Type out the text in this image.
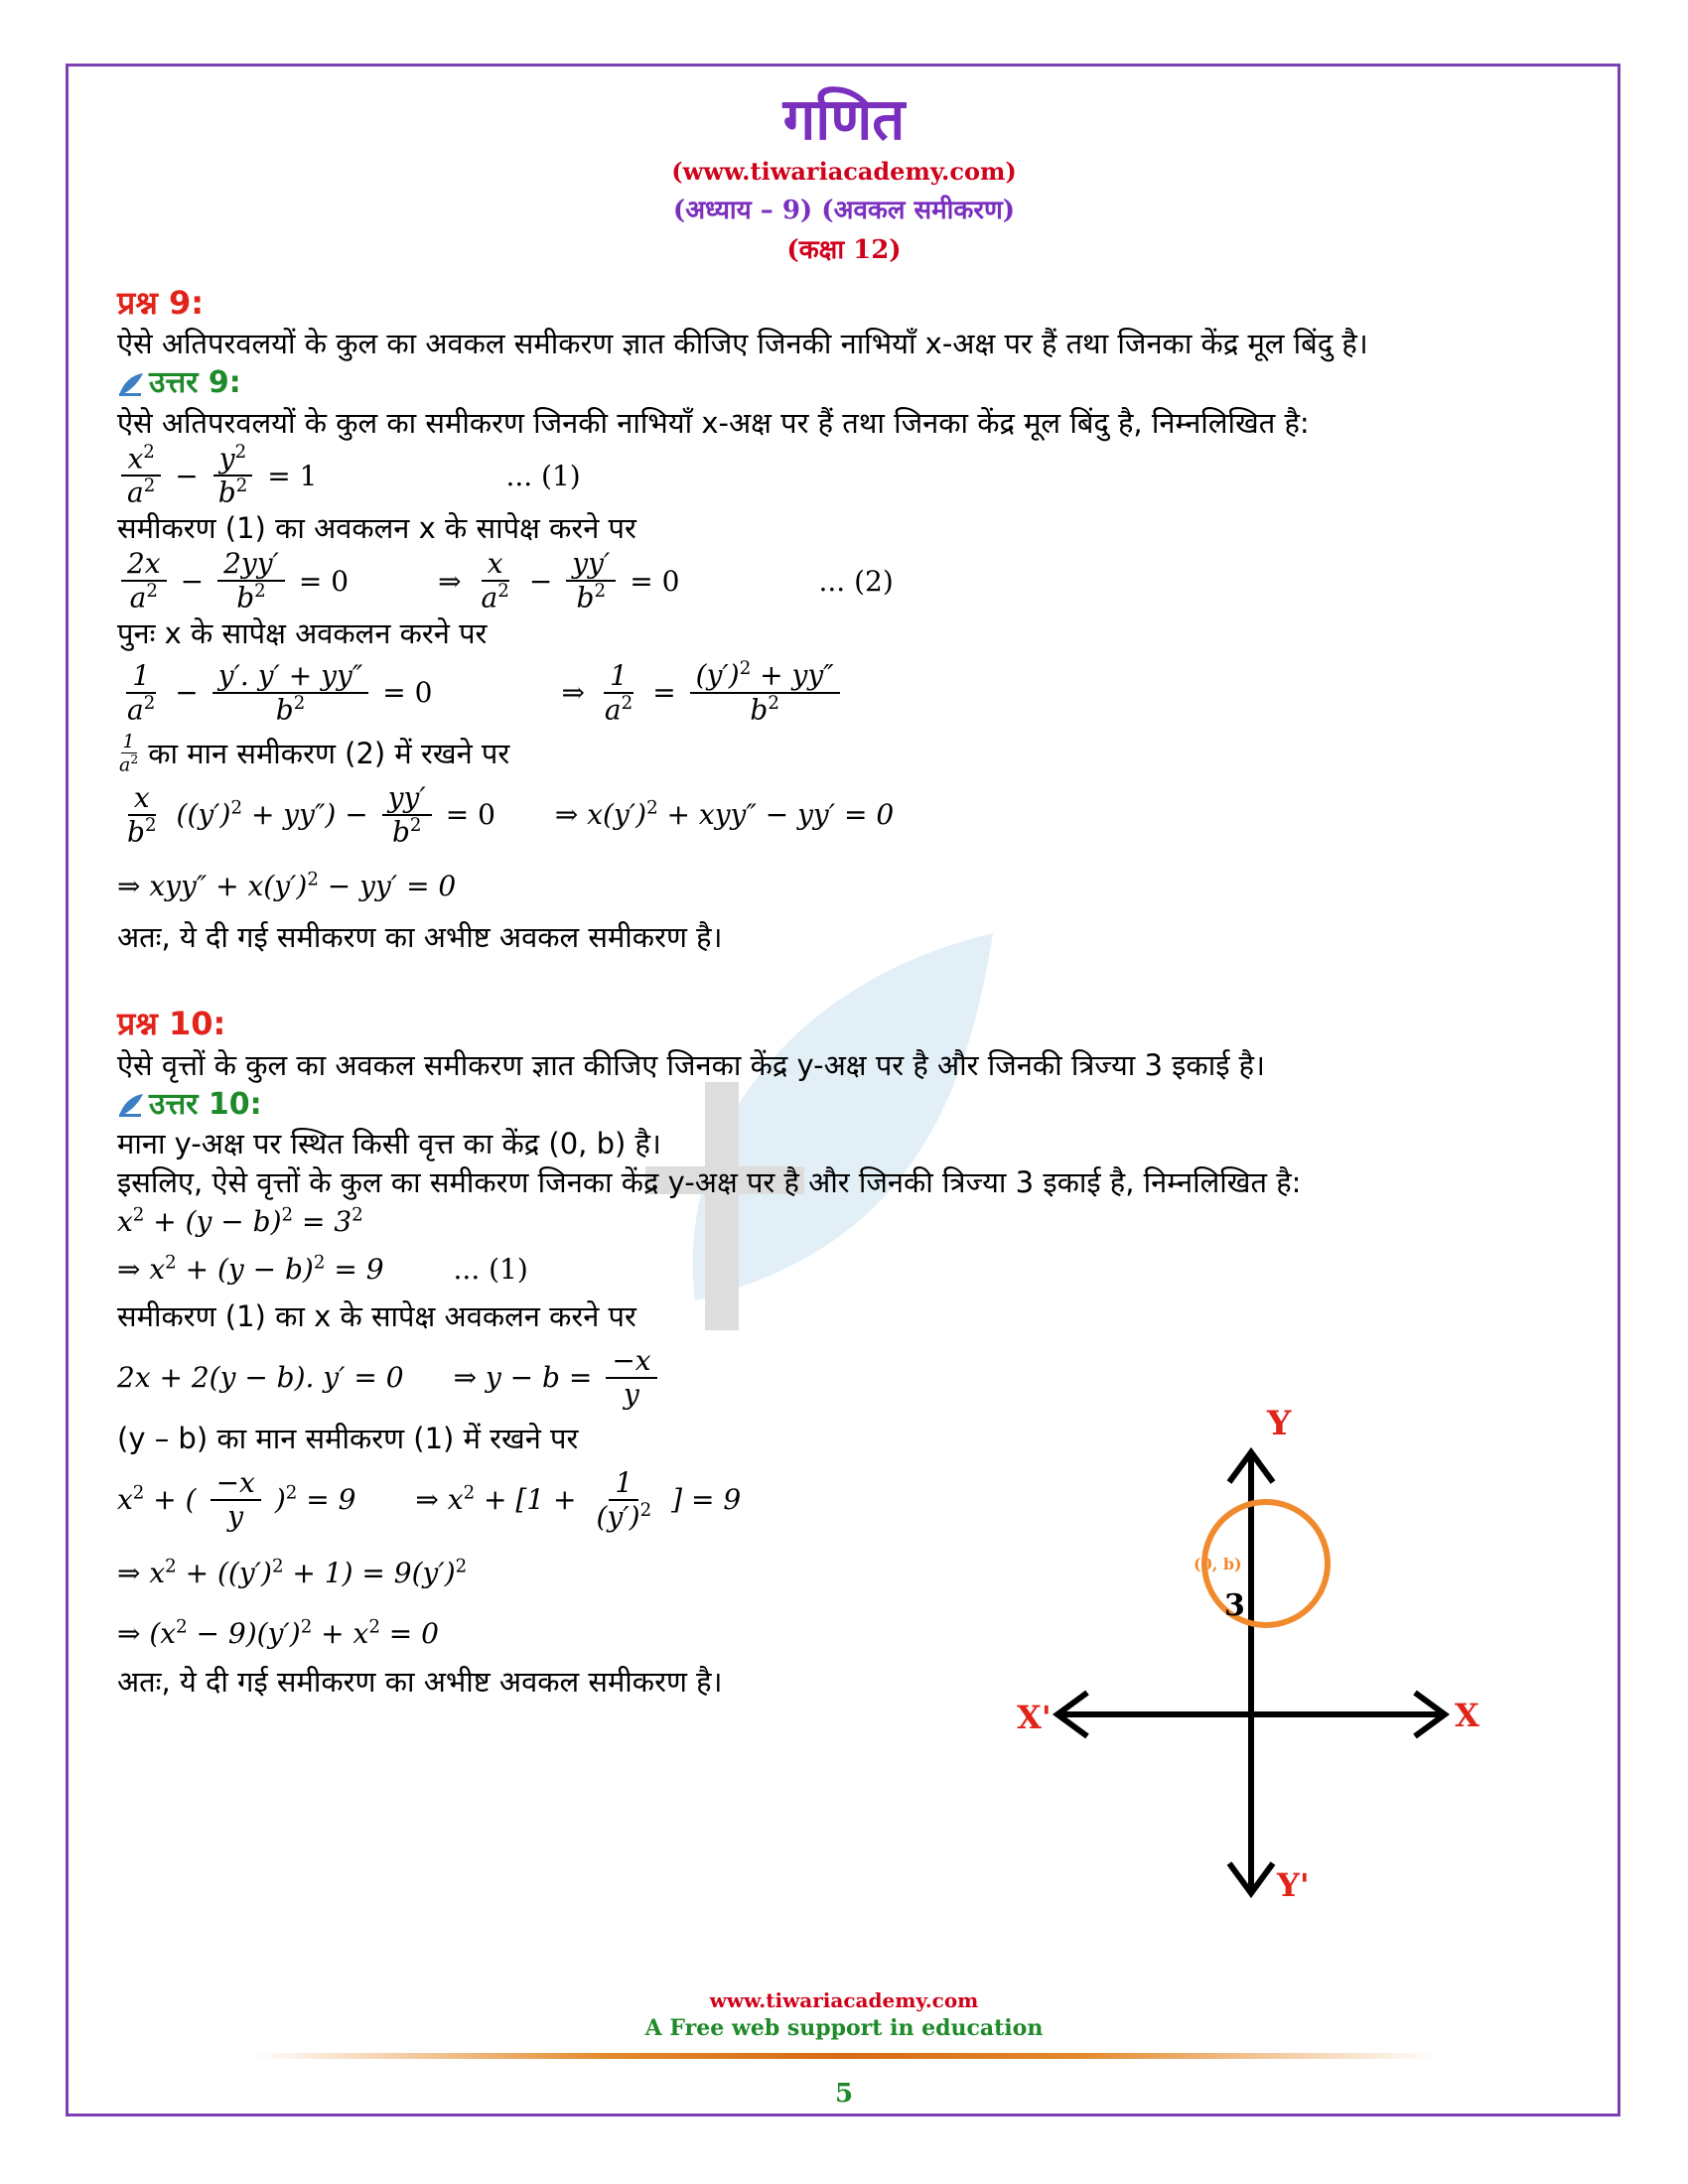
गणित
(www.tiwariacademy.com)
(अध्याय – 9) (अवकल समीकरण)
(कक्षा 12)
प्रश्न 9:

ऐसे अतिपरवलयों के कुल का अवकल समीकरण ज्ञात कीजिए जिनकी नाभियाँ x-अक्ष पर हैं तथा जिनका केंद्र मूल बिंदु है।

उत्तर 9:

ऐसे अतिपरवलयों के कुल का समीकरण जिनकी नाभियाँ x-अक्ष पर हैं तथा जिनका केंद्र मूल बिंदु है, निम्नलिखित है:

$\frac{x^2}{a^2} - \frac{y^2}{b^2} = 1$	... (1)

समीकरण (1) का अवकलन x के सापेक्ष करने पर

$\frac{2x}{a^2} - \frac{2yy'}{b^2} = 0$	⇒ $\frac{x}{a^2} - \frac{yy'}{b^2} = 0$	... (2)

पुनः x के सापेक्ष अवकलन करने पर

$\frac{1}{a^2} - \frac{y'. y' + yy''}{b^2} = 0$	⇒ $\frac{1}{a^2} = \frac{(y')^2 + yy''}{b^2}$
$\frac{1}{a^2}$ का मान समीकरण (2) में रखने पर
$\frac{x}{b^2} ((y')^2 + yy'') - \frac{yy'}{b^2} = 0$ ⇒ $x(y')^2 + xyy'' - yy' = 0$
⇒ $xyy'' + x(y')^2 - yy' = 0$

अतः, ये दी गई समीकरण का अभीष्ट अवकल समीकरण है।

प्रश्न 10:

ऐसे वृत्तों के कुल का अवकल समीकरण ज्ञात कीजिए जिनका केंद्र y-अक्ष पर है और जिनकी त्रिज्या 3 इकाई है।

उत्तर 10:

माना y-अक्ष पर स्थित किसी वृत्त का केंद्र (0, b) है।

इसलिए, ऐसे वृत्तों के कुल का समीकरण जिनका केंद्र y-अक्ष पर है और जिनकी त्रिज्या 3 इकाई है, निम्नलिखित है:

$x^2 + (y - b)^2 = 3^2$
⇒ $x^2 + (y - b)^2 = 9$	... (1)

समीकरण (1) का x के सापेक्ष अवकलन करने पर

2x + 2(y − b). y′ = 0 ⇒ $y - b = \frac{-x}{y}$

(y – b) का मान समीकरण (1) में रखने पर

$x^2$ + ( $\frac{-x}{y} )^2 = 9$ ⇒ $x^2 + [1 + \frac{1}{(y')^2}$ ] = 9
⇒ $x^2 + ((y')^2 + 1) = 9(y')^2$
⇒ $(x^2 - 9)(y')^2 + x^2 = 0$

अतः, ये दी गई समीकरण का अभीष्ट अवकल समीकरण है।

Y
X
X'
Y'
(0, b)
3
www.tiwariacademy.com
A Free web support in education
5
